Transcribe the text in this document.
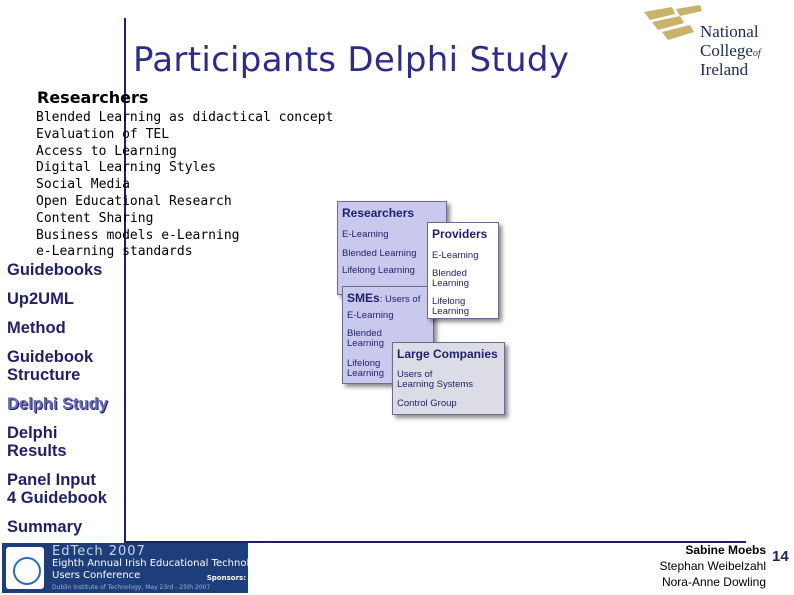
National
Collegeof
Ireland
Participants Delphi Study
Researchers
Blended Learning as didactical concept
Evaluation of TEL
Access to Learning
Digital Learning Styles
Social Media
Open Educational Research
Content Sharing
Business models e-Learning
e-Learning standards
Guidebooks
Up2UML
Method
Guidebook
Structure
Delphi Study
Delphi
Results
Panel Input
4 Guidebook
Summary
Researchers
E-Learning
Blended Learning
Lifelong Learning
SMEs: Users of
E-Learning
Blended
Learning
Lifelong
Learning
Providers
E-Learning
Blended
Learning
Lifelong
Learning
Large Companies
Users of
Learning Systems
Control Group
EdTech 2007
Eighth Annual Irish Educational Technology
Users Conference
Dublin Institute of Technology, May 23rd - 25th 2007
Sponsors:
Sabine Moebs
Stephan Weibelzahl
Nora-Anne Dowling
14
